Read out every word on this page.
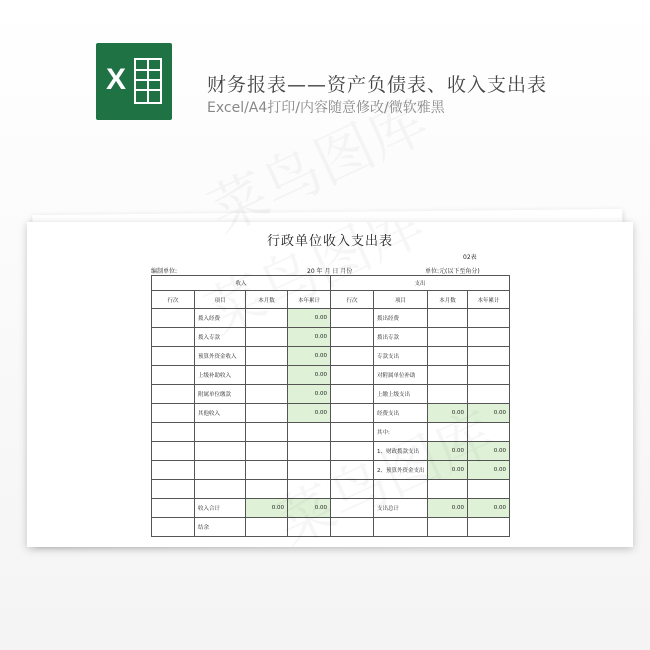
X	财务报表——资产负债表、收入支出表
Excel/A4打印/内容随意修改/微软雅黑
行政单位收入支出表
02表
编制单位:	20 年 月 日 月份	单位:元(以下至角分)
收入				支出			
行次	项目	本月数	本年累计	行次	项目	本月数	本年累计
	拨入经费		0.00		拨出经费		
	拨入专款		0.00		拨出专款		
	预算外资金收入		0.00		专款支出		
	上级补助收入		0.00		对附属单位补助		
	附属单位缴款		0.00		上缴上级支出		
	其他收入		0.00		经费支出	0.00	0.00
					其中:		
					1、财政拨款支出	0.00	0.00
					2、预算外资金支出	0.00	0.00

	收入合计	0.00	0.00		支出总计	0.00	0.00
	结余						
